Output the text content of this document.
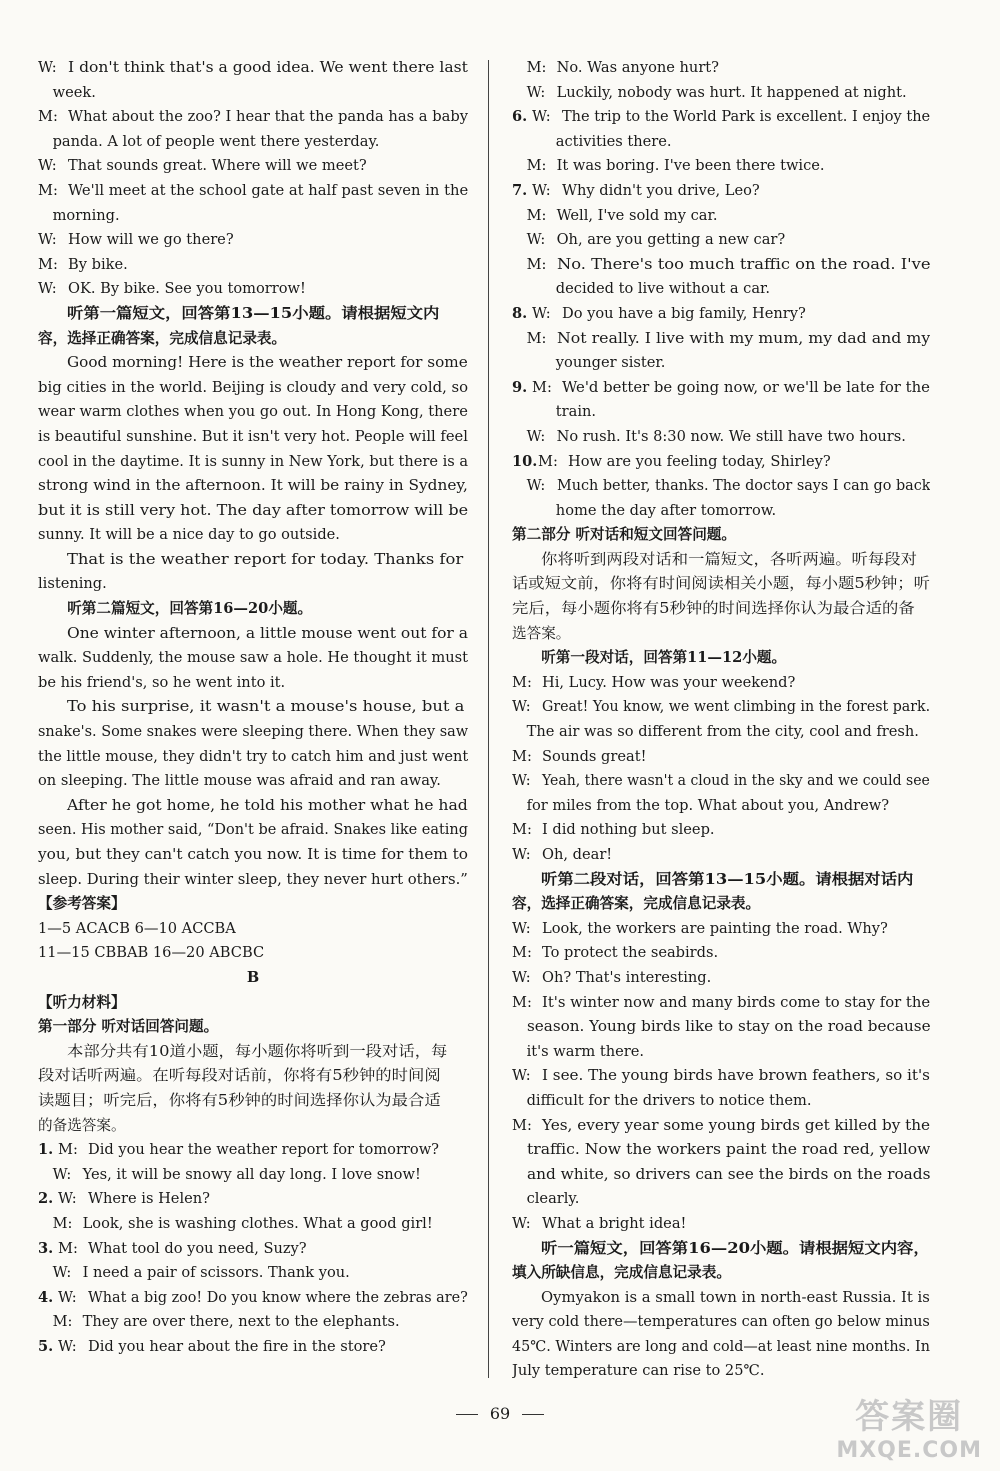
W: I don't think that's a good idea. We went there last
week.
M: What about the zoo? I hear that the panda has a baby
panda. A lot of people went there yesterday.
W: That sounds great. Where will we meet?
M: We'll meet at the school gate at half past seven in the
morning.
W: How will we go there?
M: By bike.
W: OK. By bike. See you tomorrow!
听第一篇短文，回答第13—15小题。请根据短文内
容，选择正确答案，完成信息记录表。
Good morning! Here is the weather report for some
big cities in the world. Beijing is cloudy and very cold, so
wear warm clothes when you go out. In Hong Kong, there
is beautiful sunshine. But it isn't very hot. People will feel
cool in the daytime. It is sunny in New York, but there is a
strong wind in the afternoon. It will be rainy in Sydney,
but it is still very hot. The day after tomorrow will be
sunny. It will be a nice day to go outside.
That is the weather report for today. Thanks for
listening.
听第二篇短文，回答第16—20小题。
One winter afternoon, a little mouse went out for a
walk. Suddenly, the mouse saw a hole. He thought it must
be his friend's, so he went into it.
To his surprise, it wasn't a mouse's house, but a
snake's. Some snakes were sleeping there. When they saw
the little mouse, they didn't try to catch him and just went
on sleeping. The little mouse was afraid and ran away.
After he got home, he told his mother what he had
seen. His mother said, “Don't be afraid. Snakes like eating
you, but they can't catch you now. It is time for them to
sleep. During their winter sleep, they never hurt others.”
【参考答案】
1—5 ACACB 6—10 ACCBA
11—15 CBBAB 16—20 ABCBC
B
【听力材料】
第一部分 听对话回答问题。
本部分共有10道小题，每小题你将听到一段对话，每
段对话听两遍。在听每段对话前，你将有5秒钟的时间阅
读题目；听完后，你将有5秒钟的时间选择你认为最合适
的备选答案。
1. M: Did you hear the weather report for tomorrow?
W: Yes, it will be snowy all day long. I love snow!
2. W: Where is Helen?
M: Look, she is washing clothes. What a good girl!
3. M: What tool do you need, Suzy?
W: I need a pair of scissors. Thank you.
4. W: What a big zoo! Do you know where the zebras are?
M: They are over there, next to the elephants.
5. W: Did you hear about the fire in the store?
M: No. Was anyone hurt?
W: Luckily, nobody was hurt. It happened at night.
6. W: The trip to the World Park is excellent. I enjoy the
activities there.
M: It was boring. I've been there twice.
7. W: Why didn't you drive, Leo?
M: Well, I've sold my car.
W: Oh, are you getting a new car?
M: No. There's too much traffic on the road. I've
decided to live without a car.
8. W: Do you have a big family, Henry?
M: Not really. I live with my mum, my dad and my
younger sister.
9. M: We'd better be going now, or we'll be late for the
train.
W: No rush. It's 8:30 now. We still have two hours.
10. M: How are you feeling today, Shirley?
W: Much better, thanks. The doctor says I can go back
home the day after tomorrow.
第二部分 听对话和短文回答问题。
你将听到两段对话和一篇短文，各听两遍。听每段对
话或短文前，你将有时间阅读相关小题，每小题5秒钟；听
完后，每小题你将有5秒钟的时间选择你认为最合适的备
选答案。
听第一段对话，回答第11—12小题。
M: Hi, Lucy. How was your weekend?
W: Great! You know, we went climbing in the forest park.
The air was so different from the city, cool and fresh.
M: Sounds great!
W: Yeah, there wasn't a cloud in the sky and we could see
for miles from the top. What about you, Andrew?
M: I did nothing but sleep.
W: Oh, dear!
听第二段对话，回答第13—15小题。请根据对话内
容，选择正确答案，完成信息记录表。
W: Look, the workers are painting the road. Why?
M: To protect the seabirds.
W: Oh? That's interesting.
M: It's winter now and many birds come to stay for the
season. Young birds like to stay on the road because
it's warm there.
W: I see. The young birds have brown feathers, so it's
difficult for the drivers to notice them.
M: Yes, every year some young birds get killed by the
traffic. Now the workers paint the road red, yellow
and white, so drivers can see the birds on the roads
clearly.
W: What a bright idea!
听一篇短文，回答第16—20小题。请根据短文内容，
填入所缺信息，完成信息记录表。
Oymyakon is a small town in north-east Russia. It is
very cold there—temperatures can often go below minus
45℃. Winters are long and cold—at least nine months. In
July temperature can rise to 25℃.
69	答案圈
MXQE.COM
